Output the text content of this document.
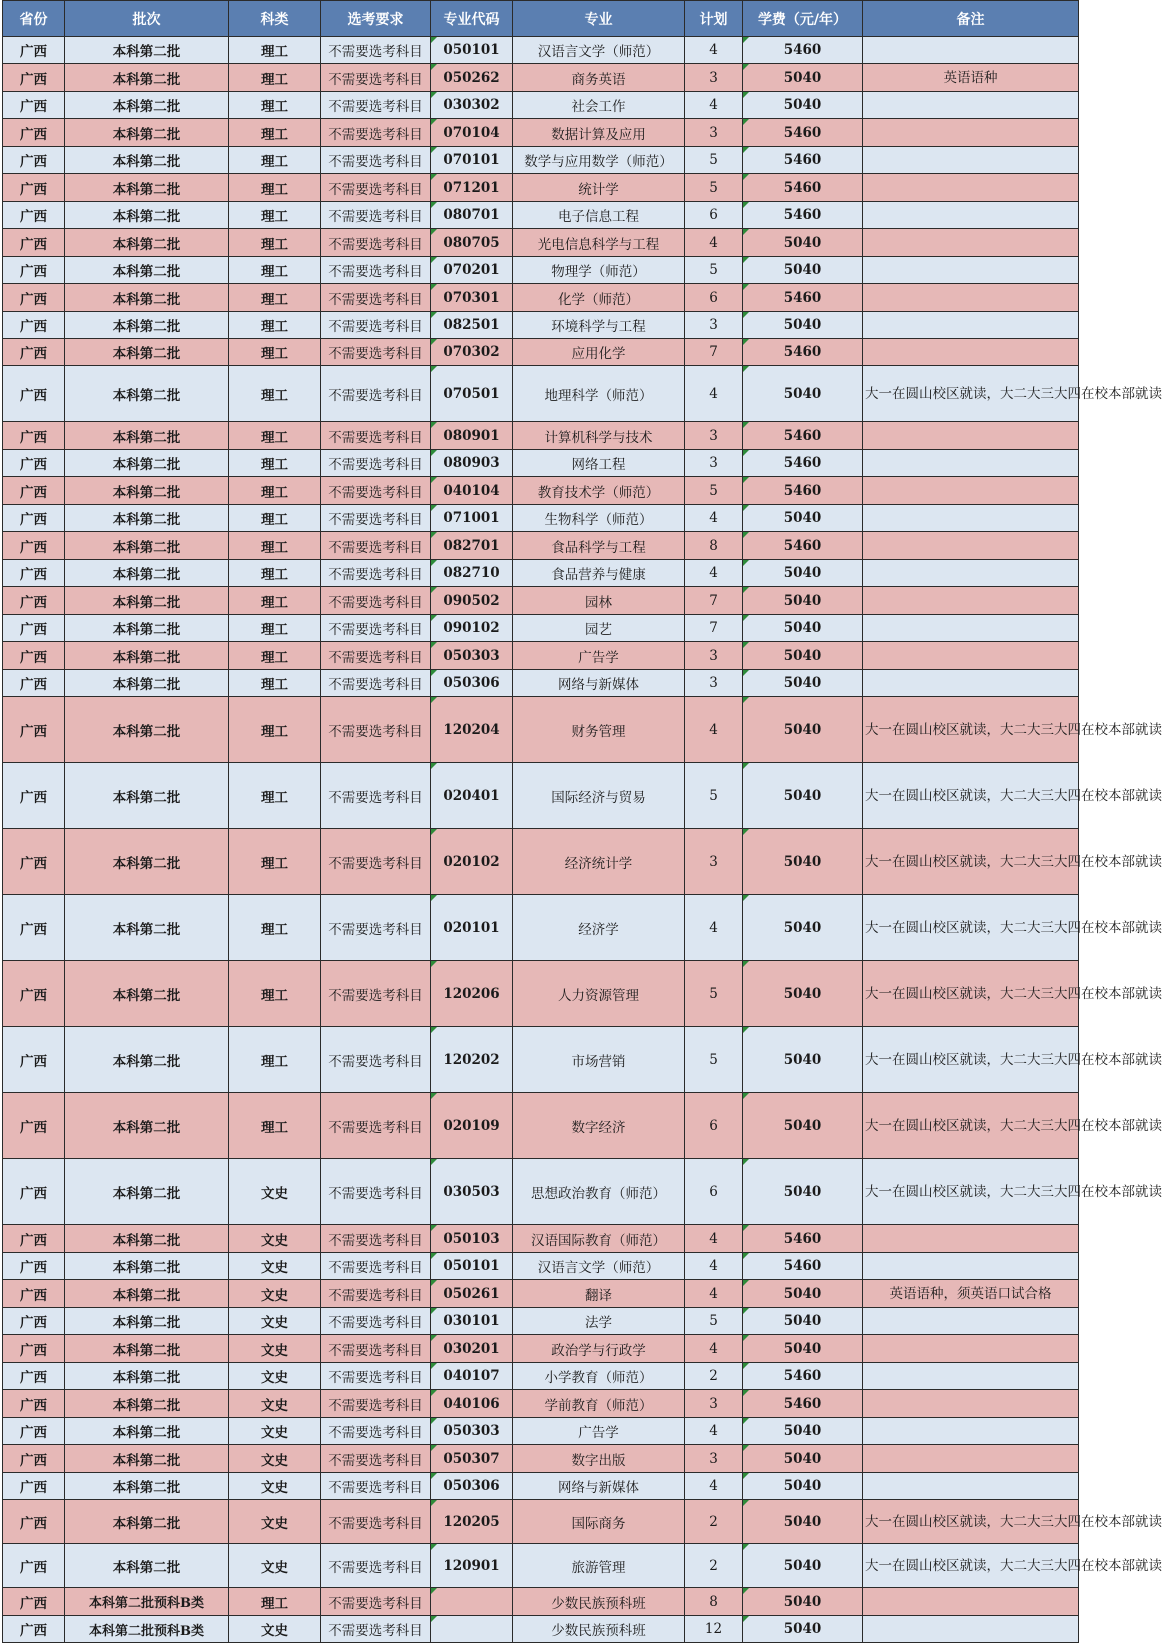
省份	批次	科类	选考要求	专业代码	专业	计划	学费（元/年）	备注
广西	本科第二批	理工	不需要选考科目	050101	汉语言文学（师范）	4	5460	
广西	本科第二批	理工	不需要选考科目	050262	商务英语	3	5040	英语语种
广西	本科第二批	理工	不需要选考科目	030302	社会工作	4	5040	
广西	本科第二批	理工	不需要选考科目	070104	数据计算及应用	3	5460	
广西	本科第二批	理工	不需要选考科目	070101	数学与应用数学（师范）	5	5460	
广西	本科第二批	理工	不需要选考科目	071201	统计学	5	5460	
广西	本科第二批	理工	不需要选考科目	080701	电子信息工程	6	5460	
广西	本科第二批	理工	不需要选考科目	080705	光电信息科学与工程	4	5040	
广西	本科第二批	理工	不需要选考科目	070201	物理学（师范）	5	5040	
广西	本科第二批	理工	不需要选考科目	070301	化学（师范）	6	5460	
广西	本科第二批	理工	不需要选考科目	082501	环境科学与工程	3	5040	
广西	本科第二批	理工	不需要选考科目	070302	应用化学	7	5460	
广西	本科第二批	理工	不需要选考科目	070501	地理科学（师范）	4	5040	大一在圆山校区就读，大二大三大四在校本部就读
广西	本科第二批	理工	不需要选考科目	080901	计算机科学与技术	3	5460	
广西	本科第二批	理工	不需要选考科目	080903	网络工程	3	5460	
广西	本科第二批	理工	不需要选考科目	040104	教育技术学（师范）	5	5460	
广西	本科第二批	理工	不需要选考科目	071001	生物科学（师范）	4	5040	
广西	本科第二批	理工	不需要选考科目	082701	食品科学与工程	8	5460	
广西	本科第二批	理工	不需要选考科目	082710	食品营养与健康	4	5040	
广西	本科第二批	理工	不需要选考科目	090502	园林	7	5040	
广西	本科第二批	理工	不需要选考科目	090102	园艺	7	5040	
广西	本科第二批	理工	不需要选考科目	050303	广告学	3	5040	
广西	本科第二批	理工	不需要选考科目	050306	网络与新媒体	3	5040	
广西	本科第二批	理工	不需要选考科目	120204	财务管理	4	5040	大一在圆山校区就读，大二大三大四在校本部就读
广西	本科第二批	理工	不需要选考科目	020401	国际经济与贸易	5	5040	大一在圆山校区就读，大二大三大四在校本部就读
广西	本科第二批	理工	不需要选考科目	020102	经济统计学	3	5040	大一在圆山校区就读，大二大三大四在校本部就读
广西	本科第二批	理工	不需要选考科目	020101	经济学	4	5040	大一在圆山校区就读，大二大三大四在校本部就读
广西	本科第二批	理工	不需要选考科目	120206	人力资源管理	5	5040	大一在圆山校区就读，大二大三大四在校本部就读
广西	本科第二批	理工	不需要选考科目	120202	市场营销	5	5040	大一在圆山校区就读，大二大三大四在校本部就读
广西	本科第二批	理工	不需要选考科目	020109	数字经济	6	5040	大一在圆山校区就读，大二大三大四在校本部就读
广西	本科第二批	文史	不需要选考科目	030503	思想政治教育（师范）	6	5040	大一在圆山校区就读，大二大三大四在校本部就读
广西	本科第二批	文史	不需要选考科目	050103	汉语国际教育（师范）	4	5460	
广西	本科第二批	文史	不需要选考科目	050101	汉语言文学（师范）	4	5460	
广西	本科第二批	文史	不需要选考科目	050261	翻译	4	5040	英语语种，须英语口试合格
广西	本科第二批	文史	不需要选考科目	030101	法学	5	5040	
广西	本科第二批	文史	不需要选考科目	030201	政治学与行政学	4	5040	
广西	本科第二批	文史	不需要选考科目	040107	小学教育（师范）	2	5460	
广西	本科第二批	文史	不需要选考科目	040106	学前教育（师范）	3	5460	
广西	本科第二批	文史	不需要选考科目	050303	广告学	4	5040	
广西	本科第二批	文史	不需要选考科目	050307	数字出版	3	5040	
广西	本科第二批	文史	不需要选考科目	050306	网络与新媒体	4	5040	
广西	本科第二批	文史	不需要选考科目	120205	国际商务	2	5040	大一在圆山校区就读，大二大三大四在校本部就读
广西	本科第二批	文史	不需要选考科目	120901	旅游管理	2	5040	大一在圆山校区就读，大二大三大四在校本部就读
广西	本科第二批预科B类	理工	不需要选考科目		少数民族预科班	8	5040	
广西	本科第二批预科B类	文史	不需要选考科目		少数民族预科班	12	5040	
